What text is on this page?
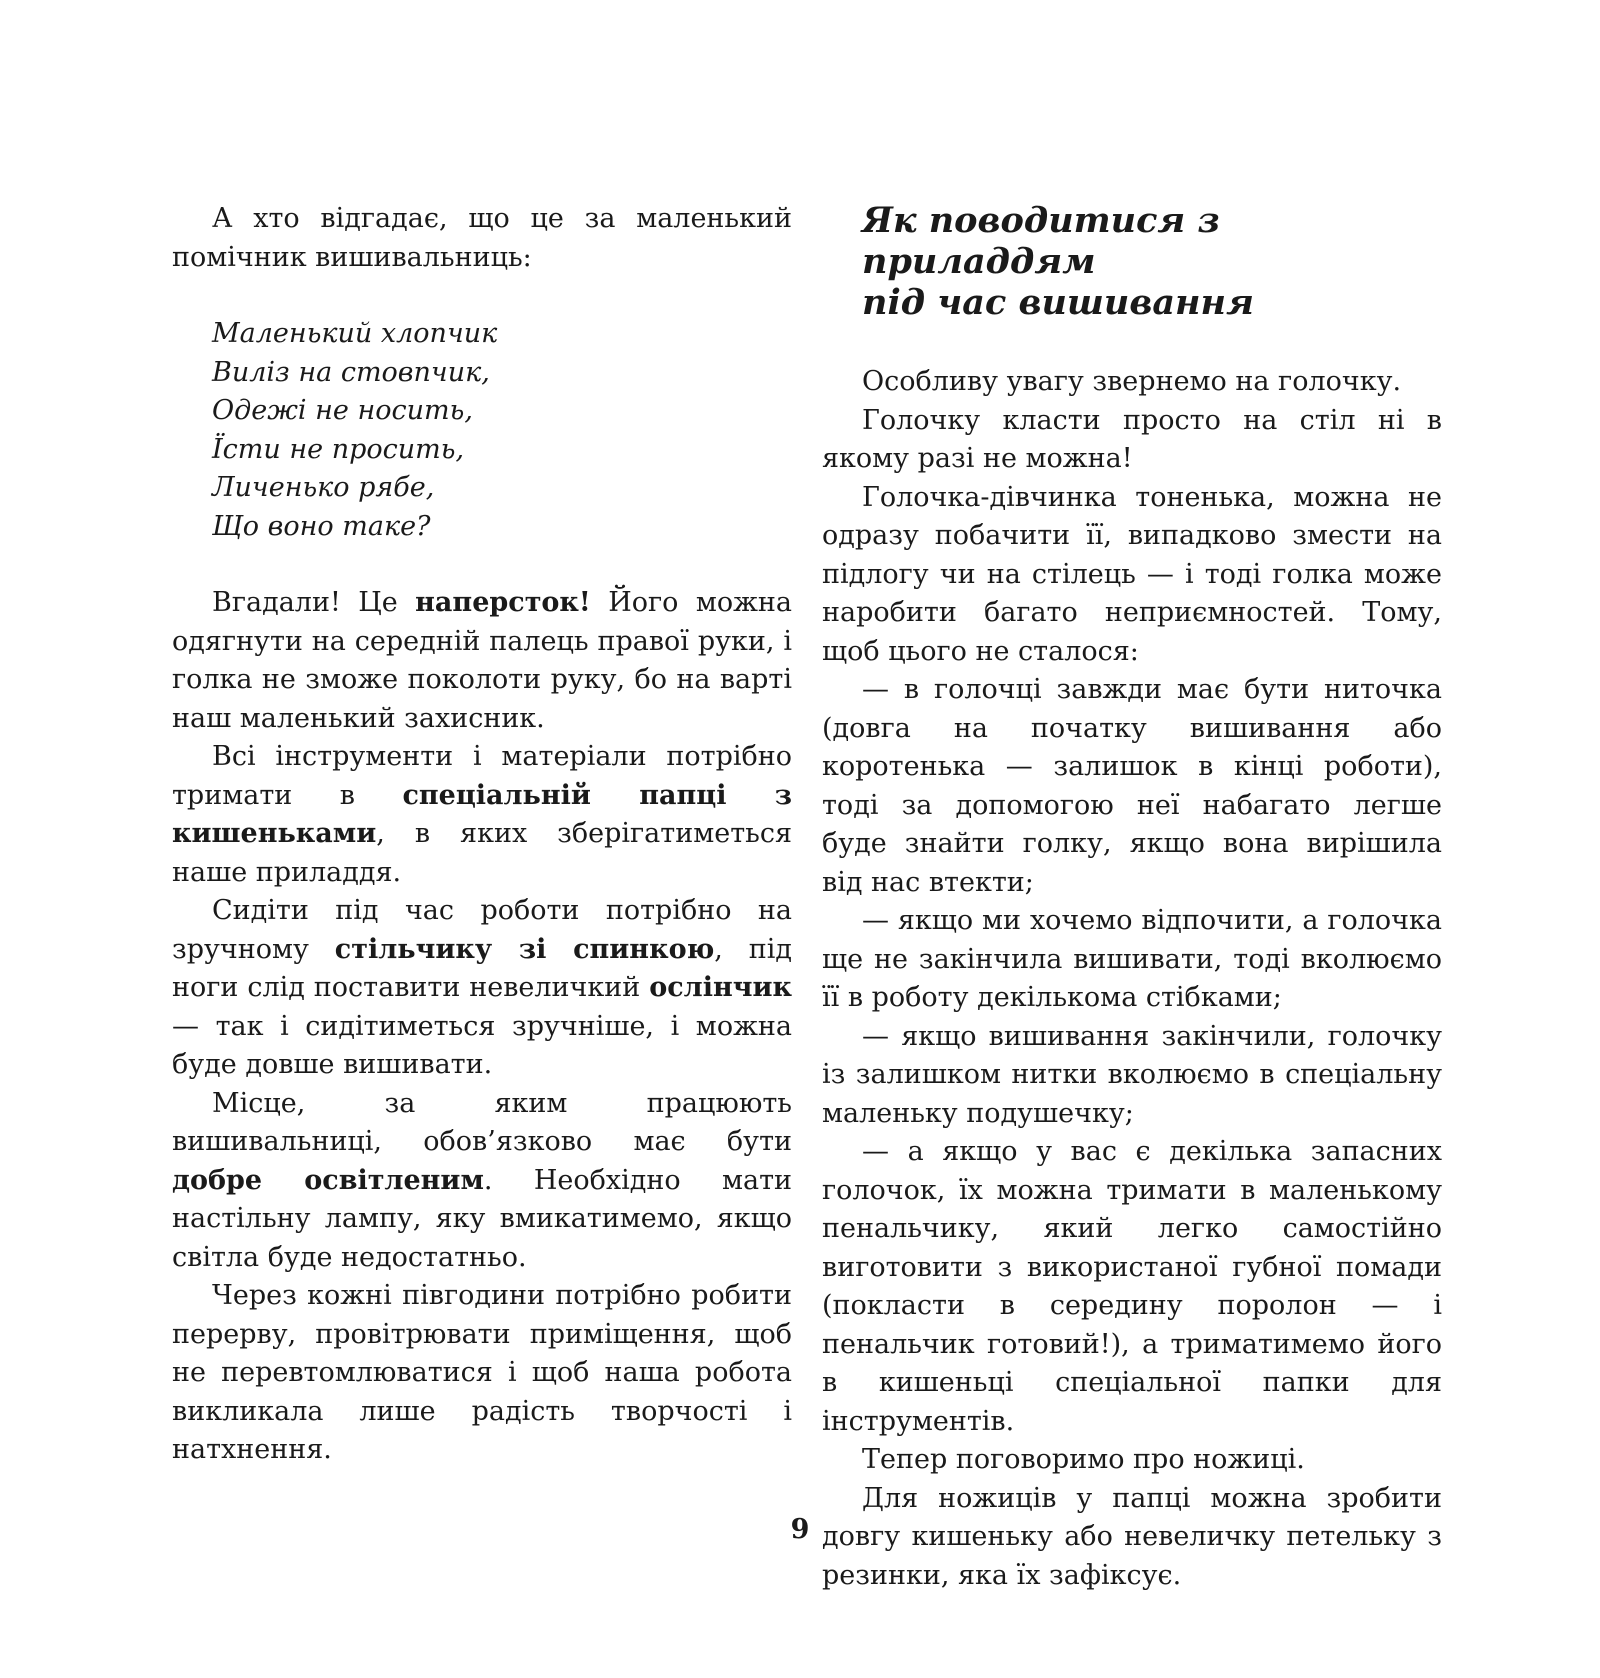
А хто відгадає, що це за маленький помічник вишивальниць:

Маленький хлопчик
Виліз на стовпчик,
Одежі не носить,
Їсти не просить,
Личенько рябе,
Що воно таке?

Вгадали! Це наперсток! Його можна одягнути на середній палець правої руки, і голка не зможе поколоти руку, бо на варті наш маленький захисник.

Всі інструменти і матеріали потрібно тримати в спеціальній папці з кишеньками, в яких зберігатиметься наше приладдя.

Сидіти під час роботи потрібно на зручному стільчику зі спинкою, під ноги слід поставити невеличкий ослінчик — так і сидітиметься зручніше, і можна буде довше вишивати.

Місце, за яким працюють вишивальниці, обов’язково має бути добре освітленим. Необхідно мати настільну лампу, яку вмикатимемо, якщо світла буде недостатньо.

Через кожні півгодини потрібно робити перерву, провітрювати приміщення, щоб не перевтомлюватися і щоб наша робота викликала лише радість творчості і натхнення.

Як поводитися з приладдям
під час вишивання

Особливу увагу звернемо на голочку.

Голочку класти просто на стіл ні в якому разі не можна!

Голочка-дівчинка тоненька, можна не одразу побачити її, випадково змести на підлогу чи на стілець — і тоді голка може наробити багато неприємностей. Тому, щоб цього не сталося:

— в голочці завжди має бути ниточка (довга на початку вишивання або коротенька — залишок в кінці роботи), тоді за допомогою неї набагато легше буде знайти голку, якщо вона вирішила від нас втекти;

— якщо ми хочемо відпочити, а голочка ще не закінчила вишивати, тоді вколюємо її в роботу декількома стібками;

— якщо вишивання закінчили, голочку із залишком нитки вколюємо в спеціальну маленьку подушечку;

— а якщо у вас є декілька запасних голочок, їх можна тримати в маленькому пенальчику, який легко самостійно виготовити з використаної губної помади (покласти в середину поролон — і пенальчик готовий!), а триматимемо його в кишеньці спеціальної папки для інструментів.

Тепер поговоримо про ножиці.

Для ножиців у папці можна зробити довгу кишеньку або невеличку петельку з резинки, яка їх зафіксує.

9
